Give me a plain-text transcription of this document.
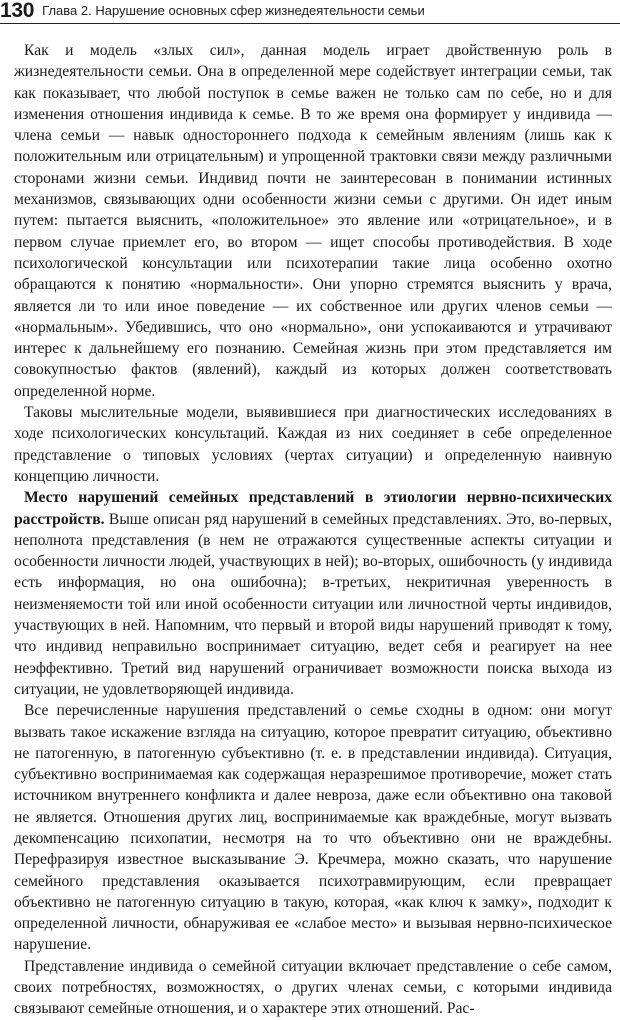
130 Глава 2. Нарушение основных сфер жизнедеятельности семьи

Как и модель «злых сил», данная модель играет двойственную роль в жизнедеятельности семьи. Она в определенной мере содействует интеграции семьи, так как показывает, что любой поступок в семье важен не только сам по себе, но и для изменения отношения индивида к семье. В то же время она формирует у индивида — члена семьи — навык одностороннего подхода к семейным явлениям (лишь как к положительным или отрицательным) и упрощенной трактовки связи между различными сторонами жизни семьи. Индивид почти не заинтересован в понимании истинных механизмов, связывающих одни особенности жизни семьи с другими. Он идет иным путем: пытается выяснить, «положительное» это явление или «отрицательное», и в первом случае приемлет его, во втором — ищет способы противодействия. В ходе психологической консультации или психотерапии такие лица особенно охотно обращаются к понятию «нормальности». Они упорно стремятся выяснить у врача, является ли то или иное поведение — их собственное или других членов семьи — «нормальным». Убедившись, что оно «нормально», они успокаиваются и утрачивают интерес к дальнейшему его познанию. Семейная жизнь при этом представляется им совокупностью фактов (явлений), каждый из которых должен соответствовать определенной норме.

Таковы мыслительные модели, выявившиеся при диагностических исследованиях в ходе психологических консультаций. Каждая из них соединяет в себе определенное представление о типовых условиях (чертах ситуации) и определенную наивную концепцию личности.

Место нарушений семейных представлений в этиологии нервно-психических расстройств. Выше описан ряд нарушений в семейных представлениях. Это, во-первых, неполнота представления (в нем не отражаются существенные аспекты ситуации и особенности личности людей, участвующих в ней); во-вторых, ошибочность (у индивида есть информация, но она ошибочна); в-третьих, некритичная уверенность в неизменяемости той или иной особенности ситуации или личностной черты индивидов, участвующих в ней. Напомним, что первый и второй виды нарушений приводят к тому, что индивид неправильно воспринимает ситуацию, ведет себя и реагирует на нее неэффективно. Третий вид нарушений ограничивает возможности поиска выхода из ситуации, не удовлетворяющей индивида.

Все перечисленные нарушения представлений о семье сходны в одном: они могут вызвать такое искажение взгляда на ситуацию, которое превратит ситуацию, объективно не патогенную, в патогенную субъективно (т. е. в представлении индивида). Ситуация, субъективно воспринимаемая как содержащая неразрешимое противоречие, может стать источником внутреннего конфликта и далее невроза, даже если объективно она таковой не является. Отношения других лиц, воспринимаемые как враждебные, могут вызвать декомпенсацию психопатии, несмотря на то что объективно они не враждебны. Перефразируя известное высказывание Э. Кречмера, можно сказать, что нарушение семейного представления оказывается психотравмирующим, если превращает объективно не патогенную ситуацию в такую, которая, «как ключ к замку», подходит к определенной личности, обнаруживая ее «слабое место» и вызывая нервно-психическое нарушение.

Представление индивида о семейной ситуации включает представление о себе самом, своих потребностях, возможностях, о других членах семьи, с которыми индивида связывают семейные отношения, и о характере этих отношений. Рас-
